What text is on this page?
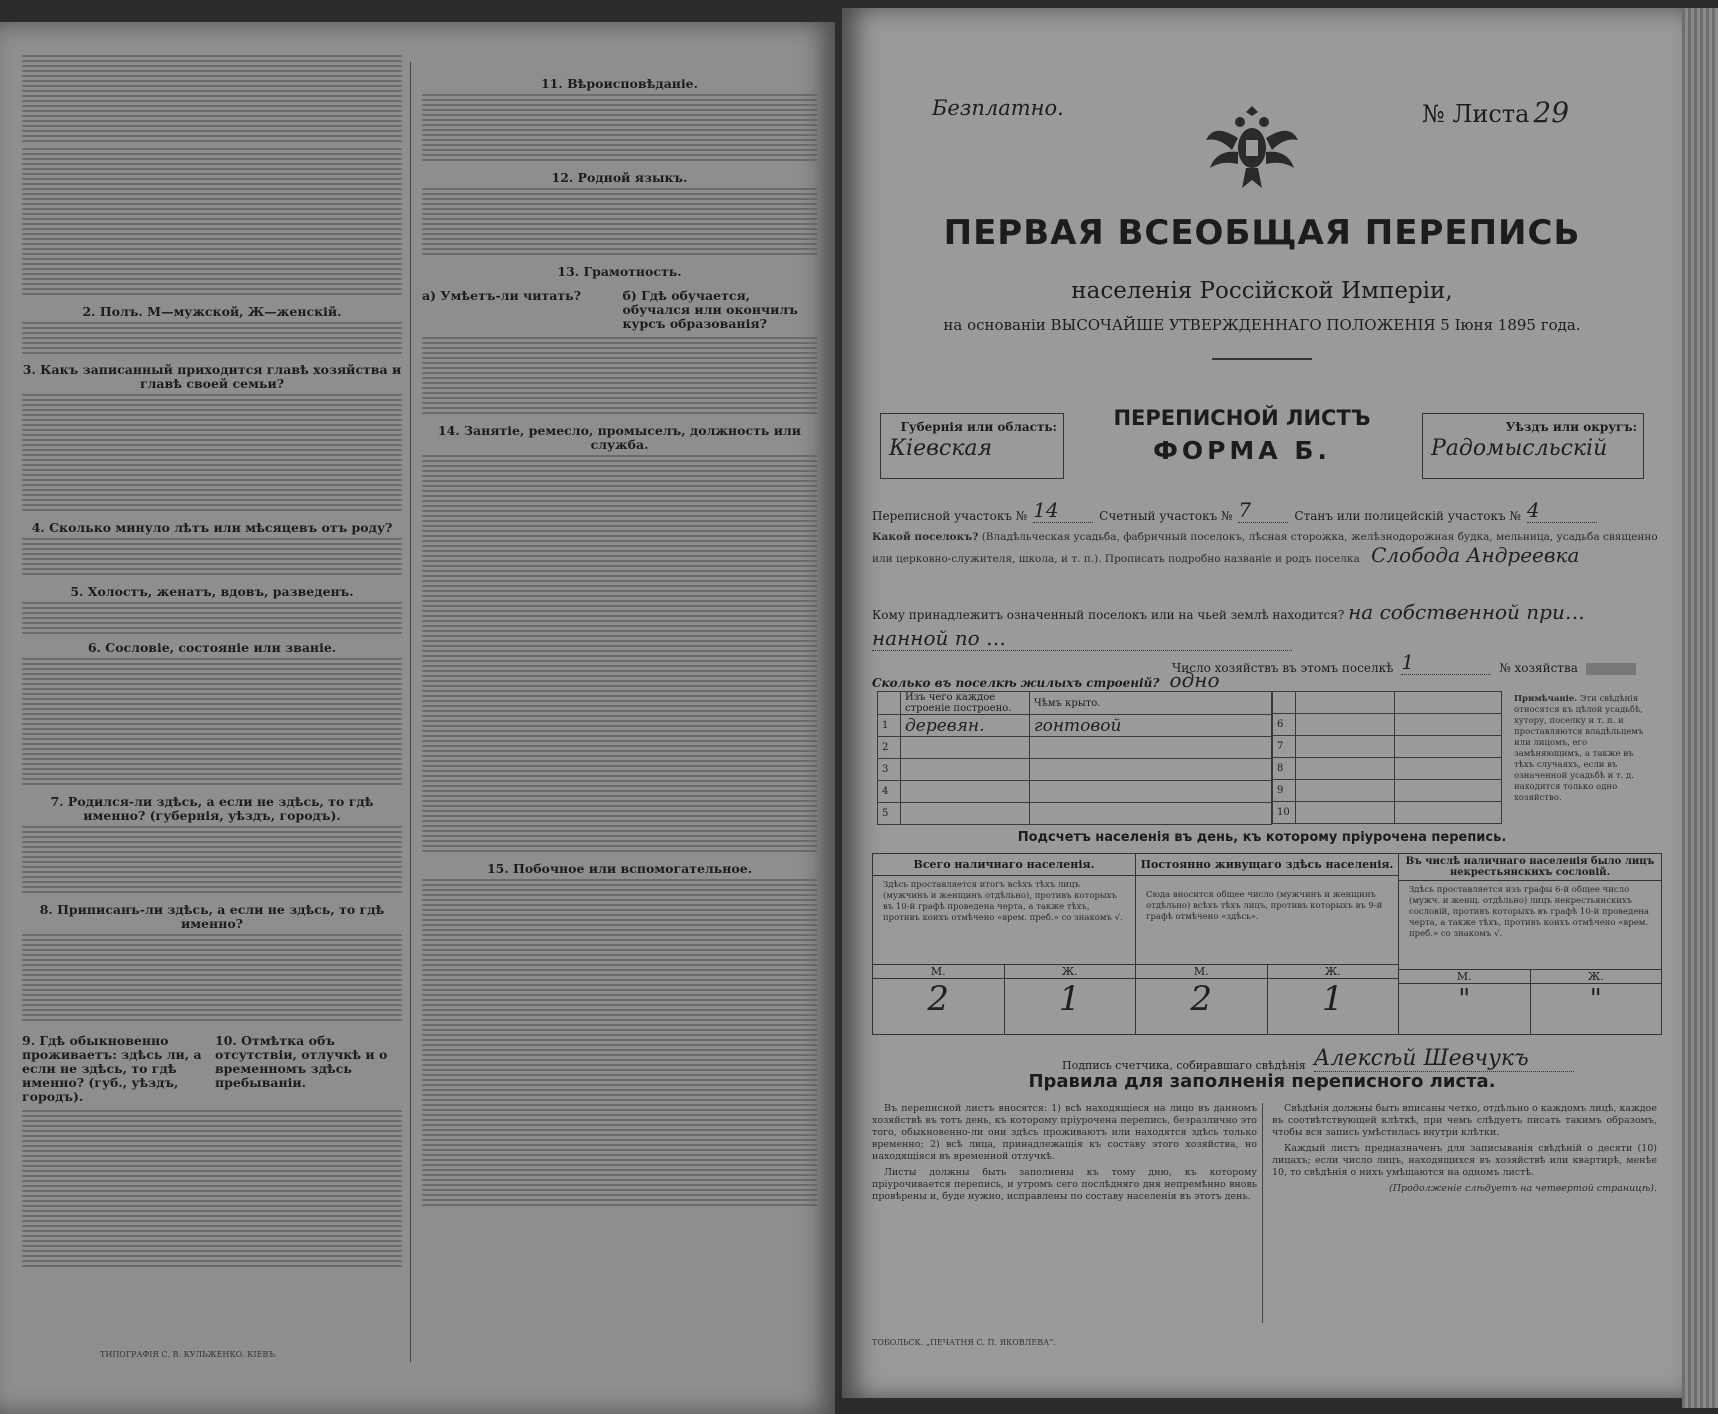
2. Полъ. М—мужской, Ж—женскій.
3. Какъ записанный приходится главѣ хозяйства и главѣ своей семьи?
4. Сколько минуло лѣтъ или мѣсяцевъ отъ роду?
5. Холостъ, женатъ, вдовъ, разведенъ.
6. Сословіе, состояніе или званіе.
7. Родился-ли здѣсь, а если не здѣсь, то гдѣ именно? (губернія, уѣздъ, городъ).
8. Приписанъ-ли здѣсь, а если не здѣсь, то гдѣ именно?
9. Гдѣ обыкновенно проживаетъ: здѣсь ли, а если не здѣсь, то гдѣ именно? (губ., уѣздъ, городъ).
10. Отмѣтка объ отсутствіи, отлучкѣ и о временномъ здѣсь пребываніи.
11. Вѣроисповѣданіе.
12. Родной языкъ.
13. Грамотность.
а) Умѣетъ-ли читать?	б) Гдѣ обучается, обучался или окончилъ курсъ образованія?
14. Занятіе, ремесло, промыселъ, должность или служба.
15. Побочное или вспомогательное.
ТИПОГРАФІЯ С. В. КУЛЬЖЕНКО. КІЕВЪ.
Безплатно.	№ Листа 29
ПЕРВАЯ ВСЕОБЩАЯ ПЕРЕПИСЬ
населенія Россійской Имперіи,
на основаніи ВЫСОЧАЙШЕ УТВЕРЖДЕННАГО ПОЛОЖЕНІЯ 5 Іюня 1895 года.
Губернія или область:
Кіевская
ПЕРЕПИСНОЙ ЛИСТЪ
ФОРМА Б.
Уѣздъ или округъ:
Радомысльскій
Переписной участокъ № 14	Счетный участокъ № 7	Станъ или полицейскій участокъ № 4
Какой поселокъ? (Владѣльческая усадьба, фабричный поселокъ, лѣсная сторожка, желѣзнодорожная будка, мельница, усадьба священно или церковно-служителя, школа, и т. п.). Прописать подробно названіе и родъ поселка Слобода Андреевка
Кому принадлежитъ означенный поселокъ или на чьей землѣ находится? на собственной при…
нанной по …
Число хозяйствъ въ этомъ поселкѣ 1	№ хозяйства
Сколько въ поселкѣ жилыхъ строеній? одно
	Изъ чего каждое строеніе построено.	Чѣмъ крыто.
1	деревян.	гонтовой
2		
3		
4		
5		

6		
7		
8		
9		
10		
Примѣчаніе. Эти свѣдѣнія относятся къ цѣлой усадьбѣ, хутору, поселку и т. п. и проставляются владѣльцемъ или лицомъ, его замѣняющимъ, а также въ тѣхъ случаяхъ, если въ означенной усадьбѣ и т. д. находится только одно хозяйство.
Подсчетъ населенія въ день, къ которому пріурочена перепись.
Всего наличнаго населенія.
Здѣсь проставляется итогъ всѣхъ тѣхъ лицъ (мужчинъ и женщинъ отдѣльно), противъ которыхъ въ 10-й графѣ проведена черта, а также тѣхъ, противъ коихъ отмѣчено «врем. преб.» со знакомъ √.
М.	Ж.
2	1
Постоянно живущаго здѣсь населенія.
Сюда вносится общее число (мужчинъ и женщинъ отдѣльно) всѣхъ тѣхъ лицъ, противъ которыхъ въ 9-й графѣ отмѣчено «здѣсь».
М.	Ж.
2	1
Въ числѣ наличнаго населенія было лицъ некрестьянскихъ сословій.
Здѣсь проставляется изъ графы 6-й общее число (мужч. и женщ. отдѣльно) лицъ некрестьянскихъ сословій, противъ которыхъ въ графѣ 10-й проведена черта, а также тѣхъ, противъ коихъ отмѣчено «врем. преб.» со знакомъ √.
М.	Ж.
"	"
Подпись счетчика, собиравшаго свѣдѣнія Алексѣй Шевчукъ
Правила для заполненія переписного листа.

Въ переписной листъ вносятся: 1) всѣ находящіеся на лицо въ данномъ хозяйствѣ въ тотъ день, къ которому пріурочена перепись, безразлично это того, обыкновенно-ли они здѣсь проживаютъ или находятся здѣсь только временно; 2) всѣ лица, принадлежащія къ составу этого хозяйства, но находящіяся въ временной отлучкѣ.

Листы должны быть заполнены къ тому дню, къ которому пріурочивается перепись, и утромъ сего послѣдняго дня непремѣнно вновь провѣрены и, буде нужно, исправлены по составу населенія въ этотъ день.

Свѣдѣнія должны быть вписаны четко, отдѣльно о каждомъ лицѣ, каждое въ соотвѣтствующей клѣткѣ, при чемъ слѣдуетъ писать такимъ образомъ, чтобы вся запись умѣстилась внутри клѣтки.

Каждый листъ предназначенъ для записыванія свѣдѣній о десяти (10) лицахъ; если число лицъ, находящихся въ хозяйствѣ или квартирѣ, менѣе 10, то свѣдѣнія о нихъ умѣщаются на одномъ листѣ.

(Продолженіе слѣдуетъ на четвертой страницѣ).

ТОБОЛЬСК. „ПЕЧАТНЯ С. П. ЯКОВЛЕВА“.
